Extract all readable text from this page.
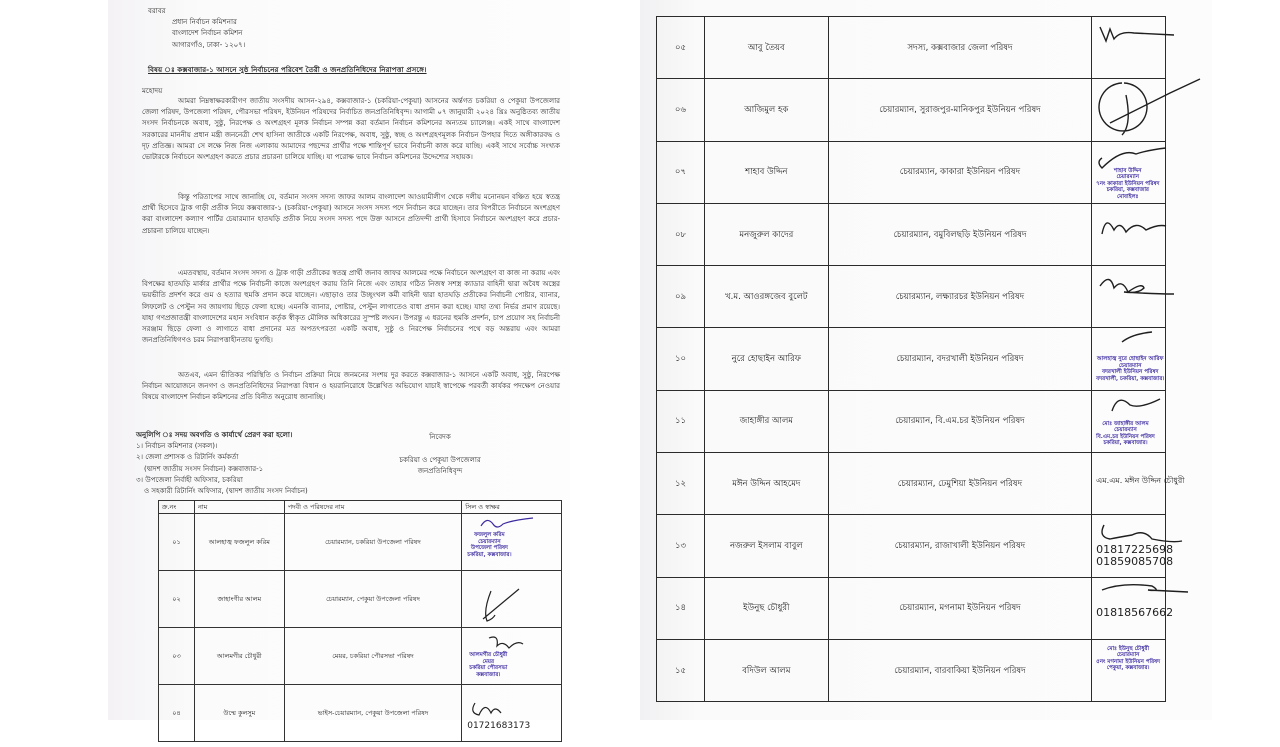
বরাবর
প্রধান নির্বাচন কমিশনার
বাংলাদেশ নির্বাচন কমিশন
আগারগাঁও, ঢাকা- ১২০৭।
বিষয় ঃ কক্সবাজার-১ আসনে সুষ্ঠ নির্বাচনের পরিবেশ তৈরী ও জনপ্রতিনিধিদের নিরাপত্তা প্রসঙ্গে।
মহোদয়
আমরা নিম্নস্বাক্ষরকারীগণ জাতীয় সংসদীয় আসন-২৯৪, কক্সবাজার-১ (চকরিয়া-পেকুয়া) আসনের অর্ন্তগত চকরিয়া ও পেকুয়া উপজেলার জেলা পরিষদ, উপজেলা পরিষদ, পৌরসভা পরিষদ, ইউনিয়ন পরিষদের নির্বাচিত জনপ্রতিনিধিবৃন্দ। আগামী ০৭ জানুয়ারী ২০২৪ খ্রিঃ অনুষ্ঠিতব্য জাতীয় সংসদ নির্বাচনকে অবাধ, সুষ্ঠু, নিরপেক্ষ ও অংশগ্রহণ মূলক নির্বাচন সম্পন্ন করা বর্তমান নির্বাচন কমিশনের অন্যতম চ্যালেঞ্জ। একই সাথে বাংলাদেশ সরকারের মাননীয় প্রধান মন্ত্রী জননেত্রী শেখ হাসিনা জাতীকে একটি নিরপেক্ষ, অবাধ, সুষ্ঠু, স্বচ্ছ ও অংশগ্রহণমূলক নির্বাচন উপহার দিতে অঙ্গীকারবদ্ধ ও দৃঢ় প্রতিজ্ঞ। আমরা সে লক্ষে নিজ নিজ এলাকায় আমাদের পছন্দের প্রার্থীর পক্ষে শান্তিপূর্ণ ভাবে নির্বাচনী কাজ করে যাচ্ছি। একই সাথে সর্বোচ্চ সংখ্যক ভোটারকে নির্বাচনে অংশগ্রহণ করতে প্রচার প্রচারনা চালিয়ে যাচ্ছি। যা পরোক্ষ ভাবে নির্বাচন কমিশনের উদ্দেশ্যের সহায়ক।
কিন্তু পরিতাপের সাথে জানাচ্ছি যে, বর্তমান সংসদ সদস্য জাফর আলম বাংলাদেশ আওয়ামীলীগ থেকে দলীয় মনোনয়ন বঞ্চিত হয়ে স্বতন্ত্র প্রার্থী হিসেবে ট্রাক গাড়ী প্রতীক নিয়ে কক্সবাজার-১ (চকরিয়া-পেকুয়া) আসনে সংসদ সদস্য পদে নির্বাচন করে যাচ্ছেন। তার বিপরীতে নির্বাচনে অংশগ্রহণ করা বাংলাদেশ কল্যাণ পার্টির চেয়ারম্যান হাতঘড়ি প্রতীক নিয়ে সংসদ সদস্য পদে উক্ত আসনে প্রতিদন্দী প্রার্থী হিসাবে নির্বাচনে অংশগ্রহণ করে প্রচার-প্রচারনা চালিয়ে যাচ্ছেন।
এমতবস্থায়, বর্তমান সংসদ সদস্য ও ট্রাক গাড়ী প্রতীকের স্বতন্ত্র প্রার্থী জনাব জাফর আলমের পক্ষে নির্বাচনে অংশগ্রহণ বা কাজ না করায় এবং বিপক্ষের হাতঘড়ি মার্কার প্রার্থীর পক্ষে নির্বাচনী কাজে অংশগ্রহণ করায় তিনি নিজে এবং তাহার গঠিত নিজস্ব সশস্ত্র ক্যাডার বাহিনী দ্বারা অবৈধ অস্ত্রের ভয়ভীতি প্রদর্শণ করে গুম ও হত্যার হুমকি প্রদান করে যাচ্ছেন। এছাড়াও তার উচ্ছৃংখল কর্মী বাহিনী দ্বারা হাতঘড়ি প্রতীকের নির্বাচনী পোষ্টার, ব্যানার, লিফলেট ও পেস্টুন সব জায়গায় ছিড়ে ফেলা হচ্ছে। এমনকি ব্যানার, পোষ্টার, পেস্টুন লাগাতেও বাধা প্রদান করা হচ্ছে। যাহা তথ্য নির্ভর প্রমাণ রয়েছে। যাহা গণপ্রজাতন্ত্রী বাংলাদেশের মহান সংবিধান কর্তৃক স্বীকৃত মৌলিক অধিকারের সুস্পষ্ট লংঘন। উপরন্তু এ ধরনের হুমকি প্রদর্শন, চাপ প্রয়োগ সহ নির্বাচনী সরঞ্জাম ছিড়ে ফেলা ও লাগাতে বাধা প্রদানের মত অপতৎপরতা একটি অবাধ, সুষ্ঠু ও নিরপেক্ষ নির্বাচনের পথে বড় অন্তরায় এবং আমরা জনপ্রতিনিধিগণও চরম নিরাপত্তাহীনতায় ভুগছি।
অতএব, এমন ভীতিকর পরিস্থিতি ও নির্বাচন প্রক্রিয়া নিয়ে জনমনের সংশয় দুর করতে কক্সবাজার-১ আসনে একটি অবাধ, সুষ্ঠু, নিরপেক্ষ নির্বাচন আয়োজনে জনগণ ও জনপ্রতিনিধিদের নিরাপত্তা বিধান ও হয়রানিরোধে উল্লেখিত অভিযোগ যাচাই স্বাপেক্ষে পরবর্তী কার্যকর পদক্ষেপ নেওয়ার বিষয়ে বাংলাদেশ নির্বাচন কমিশনের প্রতি বিনীত অনুরোধ জানাচ্ছি।
অনুলিপি ঃ সদয় অবগতি ও কার্যার্থে প্রেরণ করা হলো।
১। নির্বাচন কমিশনার (সকল)।
২। জেলা প্রশাসক ও রিটার্নিং কর্মকর্তা
(দ্বাদশ জাতীয় সংসদ নির্বাচন) কক্সবাজার-১
৩। উপজেলা নির্বাহী অফিসার, চকরিয়া
ও সহকারী রিটার্নিং অফিসার, (দ্বাদশ জাতীয় সংসদ নির্বাচন)
নিবেদক
চকরিয়া ও পেকুয়া উপজেলার
জনপ্রতিনিধিবৃন্দ
ক্র.নং	নাম	পদবী ও পরিষদের নাম	সিল ও স্বাক্ষর
০১	আলহাজ্ব ফজলুল করিম	চেয়ারম্যান, চকরিয়া উপজেলা পরিষদ	ফজলুল করিম
চেয়ারম্যান
উপজেলা পরিষদ
চকরিয়া, কক্সবাজার।

০২	জাহাংগীর আলম	চেয়ারম্যান, পেকুয়া উপজেলা পরিষদ	

০৩	আলমগীর চৌধুরী	মেয়র, চকরিয়া পৌরসভা পরিষদ	আলমগীর চৌধুরী
মেয়র
চকরিয়া পৌরসভা
কক্সবাজার।

০৪	উম্মে কুলসুম	ভাইস-চেয়ারম্যান, পেকুয়া উপজেলা পরিষদ	01721683173
০৫	আবু তৈয়ব	সদস্য, কক্সবাজার জেলা পরিষদ	

০৬	আজিমুল হক	চেয়ারম্যান, সুরাজপুর-মানিকপুর ইউনিয়ন পরিষদ	

০৭	শাহাব উদ্দিন	চেয়ারম্যান, কাকারা ইউনিয়ন পরিষদ	শাহাব উদ্দিন
চেয়ারম্যান
৭নং কাকারা ইউনিয়ন পরিষদ
চকরিয়া, কক্সবাজার
মোবাইলঃ

০৮	মনজুরুল কাদের	চেয়ারম্যান, বমুবিলছড়ি ইউনিয়ন পরিষদ	

০৯	খ.ম. আওরঙ্গজেব বুলেট	চেয়ারম্যান, লক্ষ্যারচর ইউনিয়ন পরিষদ	

১০	নুরে হোছাইন আরিফ	চেয়ারম্যান, বদরখালী ইউনিয়ন পরিষদ	আলহাজ্ব নুরে হোছাইন আরিফ
চেয়ারম্যান
বদরখালী ইউনিয়ন পরিষদ
বদরখালী, চকরিয়া, কক্সবাজার।

১১	জাহাঙ্গীর আলম	চেয়ারম্যান, বি.এম.চর ইউনিয়ন পরিষদ	মোঃ জাহাঙ্গীর আলম
চেয়ারম্যান
বি.এম.চর ইউনিয়ন পরিষদ
চকরিয়া, কক্সবাজার।

১২	মঈন উদ্দিন আহমেদ	চেয়ারম্যান, ঢেমুশিয়া ইউনিয়ন পরিষদ	এম.এম. মঈন উদ্দিন চৌধুরী

১৩	নজরুল ইসলাম বাবুল	চেয়ারম্যান, রাজাখালী ইউনিয়ন পরিষদ	01817225698
01859085708

১৪	ইউনুছ চৌধুরী	চেয়ারম্যান, মগনামা ইউনিয়ন পরিষদ	01818567662

১৫	বদিউল আলম	চেয়ারম্যান, বারবাকিয়া ইউনিয়ন পরিষদ	মোঃ ইউনুছ চৌধুরী
চেয়ারম্যান
৫নং মগনামা ইউনিয়ন পরিষদ
পেকুয়া, কক্সবাজার।
